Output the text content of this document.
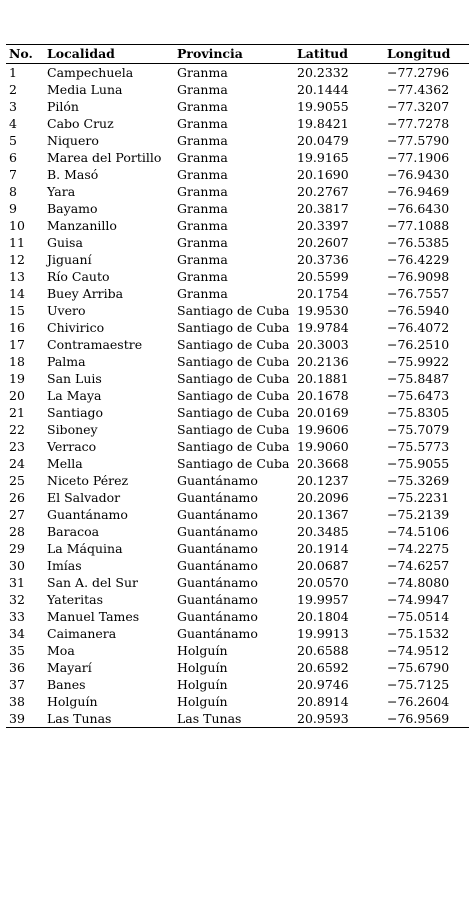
No.	Localidad	Provincia	Latitud	Longitud
1	Campechuela	Granma	20.2332	−77.2796
2	Media Luna	Granma	20.1444	−77.4362
3	Pilón	Granma	19.9055	−77.3207
4	Cabo Cruz	Granma	19.8421	−77.7278
5	Niquero	Granma	20.0479	−77.5790
6	Marea del Portillo	Granma	19.9165	−77.1906
7	B. Masó	Granma	20.1690	−76.9430
8	Yara	Granma	20.2767	−76.9469
9	Bayamo	Granma	20.3817	−76.6430
10	Manzanillo	Granma	20.3397	−77.1088
11	Guisa	Granma	20.2607	−76.5385
12	Jiguaní	Granma	20.3736	−76.4229
13	Río Cauto	Granma	20.5599	−76.9098
14	Buey Arriba	Granma	20.1754	−76.7557
15	Uvero	Santiago de Cuba 19.9530	−76.5940
16	Chivirico	Santiago de Cuba 19.9784	−76.4072
17	Contramaestre	Santiago de Cuba 20.3003	−76.2510
18	Palma	Santiago de Cuba 20.2136	−75.9922
19	San Luis	Santiago de Cuba 20.1881	−75.8487
20	La Maya	Santiago de Cuba 20.1678	−75.6473
21	Santiago	Santiago de Cuba 20.0169	−75.8305
22	Siboney	Santiago de Cuba 19.9606	−75.7079
23	Verraco	Santiago de Cuba 19.9060	−75.5773
24	Mella	Santiago de Cuba 20.3668	−75.9055
25	Niceto Pérez	Guantánamo	20.1237	−75.3269
26	El Salvador	Guantánamo	20.2096	−75.2231
27	Guantánamo	Guantánamo	20.1367	−75.2139
28	Baracoa	Guantánamo	20.3485	−74.5106
29	La Máquina	Guantánamo	20.1914	−74.2275
30	Imías	Guantánamo	20.0687	−74.6257
31	San A. del Sur	Guantánamo	20.0570	−74.8080
32	Yateritas	Guantánamo	19.9957	−74.9947
33	Manuel Tames	Guantánamo	20.1804	−75.0514
34	Caimanera	Guantánamo	19.9913	−75.1532
35	Moa	Holguín	20.6588	−74.9512
36	Mayarí	Holguín	20.6592	−75.6790
37	Banes	Holguín	20.9746	−75.7125
38	Holguín	Holguín	20.8914	−76.2604
39	Las Tunas	Las Tunas	20.9593	−76.9569
